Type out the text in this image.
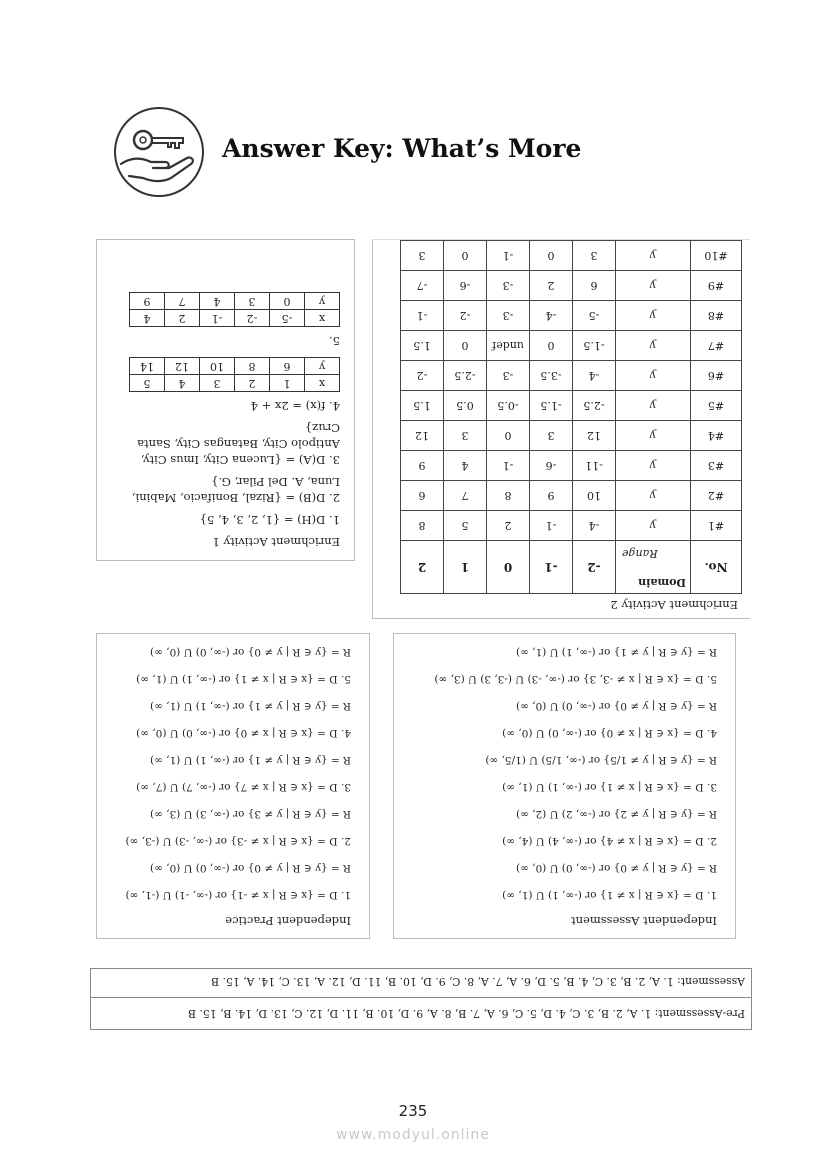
Answer Key: What’s More
Enrichment Activity 1
1. D(H) = {1, 2, 3, 4, 5}
2. D(B) = {Rizal, Bonifacio, Mabini, Luna, A. Del Pilar, G.}
3. D(A) = {Lucena City, Imus City, Antipolo City, Batangas City, Santa Cruz}
4. f(x) = 2x + 4
x	1	2	3	4	5
y	6	8	10	12	14
5.
x	-5	-2	-1	2	4
y	0	3	4	7	9
Enrichment Activity 2
No.	Domain
Range	-2	-1	0	1	2
#1	y	-4	-1	2	5	8
#2	y	10	9	8	7	6
#3	y	-11	-6	-1	4	9
#4	y	12	3	0	3	12
#5	y	-2.5	-1.5	-0.5	0.5	1.5
#6	y	-4	-3.5	-3	-2.5	-2
#7	y	-1.5	0	undef	0	1.5
#8	y	-5	-4	-3	-2	-1
#9	y	6	2	-3	-6	-7
#10	y	3	0	-1	0	3
Independent Practice
1. D = {x ∈ R | x ≠ -1} or (-∞, -1) U (-1, ∞)
R = {y ∈ R | y ≠ 0} or (-∞, 0) U (0, ∞)
2. D = {x ∈ R | x ≠ -3} or (-∞, -3) U (-3, ∞)
R = {y ∈ R | y ≠ 3} or (-∞, 3) U (3, ∞)
3. D = {x ∈ R | x ≠ 7} or (-∞, 7) U (7, ∞)
R = {y ∈ R | y ≠ 1} or (-∞, 1) U (1, ∞)
4. D = {x ∈ R | x ≠ 0} or (-∞, 0) U (0, ∞)
R = {y ∈ R | y ≠ 1} or (-∞, 1) U (1, ∞)
5. D = {x ∈ R | x ≠ 1} or (-∞, 1) U (1, ∞)
R = {y ∈ R | y ≠ 0} or (-∞, 0) U (0, ∞)
Independent Assessment
1. D = {x ∈ R | x ≠ 1} or (-∞, 1) U (1, ∞)
R = {y ∈ R | y ≠ 0} or (-∞, 0) U (0, ∞)
2. D = {x ∈ R | x ≠ 4} or (-∞, 4) U (4, ∞)
R = {y ∈ R | y ≠ 2} or (-∞, 2) U (2, ∞)
3. D = {x ∈ R | x ≠ 1} or (-∞, 1) U (1, ∞)
R = {y ∈ R | y ≠ 1/5} or (-∞, 1/5) U (1/5, ∞)
4. D = {x ∈ R | x ≠ 0} or (-∞, 0) U (0, ∞)
R = {y ∈ R | y ≠ 0} or (-∞, 0) U (0, ∞)
5. D = {x ∈ R | x ≠ -3, 3} or (-∞, -3) U (-3, 3) U (3, ∞)
R = {y ∈ R | y ≠ 1} or (-∞, 1) U (1, ∞)
Pre-Assessment: 1. A, 2. B, 3. C, 4. D, 5. C, 6. A, 7. B, 8. A, 9. D, 10. B, 11. D, 12. C, 13. D, 14. B, 15. B
Assessment: 1. A, 2. B, 3. C, 4. B, 5. D, 6. A, 7. A, 8. C, 9. D, 10. B, 11. D, 12. A, 13. C, 14. A, 15. B
235
www.modyul.online
